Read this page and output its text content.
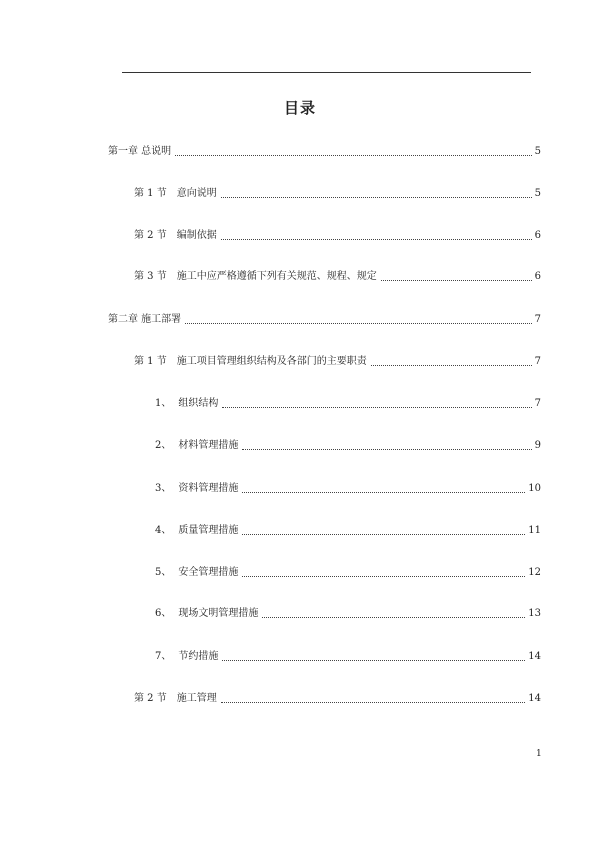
目录
第一章 总说明	5
第 1 节 意向说明	5
第 2 节 编制依据	6
第 3 节 施工中应严格遵循下列有关规范、规程、规定	6
第二章 施工部署	7
第 1 节 施工项目管理组织结构及各部门的主要职责	7
1、 组织结构	7
2、 材料管理措施	9
3、 资料管理措施	10
4、 质量管理措施	11
5、 安全管理措施	12
6、 现场文明管理措施	13
7、 节约措施	14
第 2 节 施工管理	14
1
